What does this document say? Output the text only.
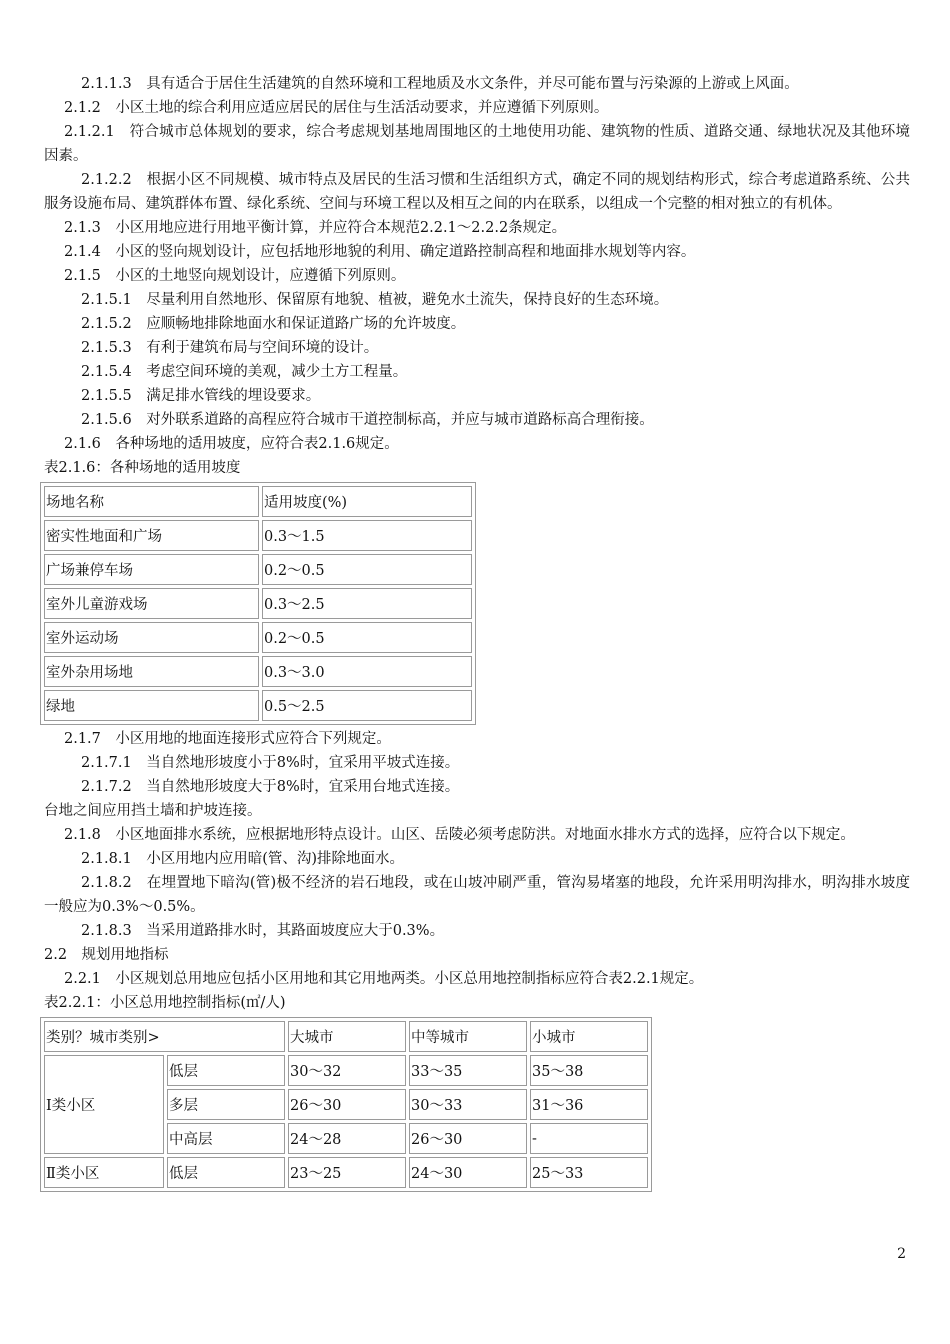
2.1.1.3　具有适合于居住生活建筑的自然环境和工程地质及水文条件，并尽可能布置与污染源的上游或上风面。

2.1.2　小区土地的综合利用应适应居民的居住与生活活动要求，并应遵循下列原则。

2.1.2.1　符合城市总体规划的要求，综合考虑规划基地周围地区的土地使用功能、建筑物的性质、道路交通、绿地状况及其他环境因素。

2.1.2.2　根据小区不同规模、城市特点及居民的生活习惯和生活组织方式，确定不同的规划结构形式，综合考虑道路系统、公共服务设施布局、建筑群体布置、绿化系统、空间与环境工程以及相互之间的内在联系，以组成一个完整的相对独立的有机体。

2.1.3　小区用地应进行用地平衡计算，并应符合本规范2.2.1～2.2.2条规定。

2.1.4　小区的竖向规划设计，应包括地形地貌的利用、确定道路控制高程和地面排水规划等内容。

2.1.5　小区的土地竖向规划设计，应遵循下列原则。

2.1.5.1　尽量利用自然地形、保留原有地貌、植被，避免水土流失，保持良好的生态环境。

2.1.5.2　应顺畅地排除地面水和保证道路广场的允许坡度。

2.1.5.3　有利于建筑布局与空间环境的设计。

2.1.5.4　考虑空间环境的美观，减少土方工程量。

2.1.5.5　满足排水管线的埋设要求。

2.1.5.6　对外联系道路的高程应符合城市干道控制标高，并应与城市道路标高合理衔接。

2.1.6　各种场地的适用坡度，应符合表2.1.6规定。

表2.1.6：各种场地的适用坡度

场地名称	适用坡度(%)
密实性地面和广场	0.3～1.5
广场兼停车场	0.2～0.5
室外儿童游戏场	0.3～2.5
室外运动场	0.2～0.5
室外杂用场地	0.3～3.0
绿地	0.5～2.5

2.1.7　小区用地的地面连接形式应符合下列规定。

2.1.7.1　当自然地形坡度小于8%时，宜采用平坡式连接。

2.1.7.2　当自然地形坡度大于8%时，宜采用台地式连接。

台地之间应用挡土墙和护坡连接。

2.1.8　小区地面排水系统，应根据地形特点设计。山区、岳陵必须考虑防洪。对地面水排水方式的选择，应符合以下规定。

2.1.8.1　小区用地内应用暗(管、沟)排除地面水。

2.1.8.2　在埋置地下暗沟(管)极不经济的岩石地段，或在山坡冲刷严重，管沟易堵塞的地段，允许采用明沟排水，明沟排水坡度一般应为0.3%～0.5%。

2.1.8.3　当采用道路排水时，其路面坡度应大于0.3%。

2.2　规划用地指标

2.2.1　小区规划总用地应包括小区用地和其它用地两类。小区总用地控制指标应符合表2.2.1规定。

表2.2.1：小区总用地控制指标(㎡/人)

类别？城市类别>		大城市	中等城市	小城市
Ⅰ类小区	低层	30～32	33～35	35～38
	多层	26～30	30～33	31～36
	中高层	24～28	26～30	-
Ⅱ类小区	低层	23～25	24～30	25～33
2
